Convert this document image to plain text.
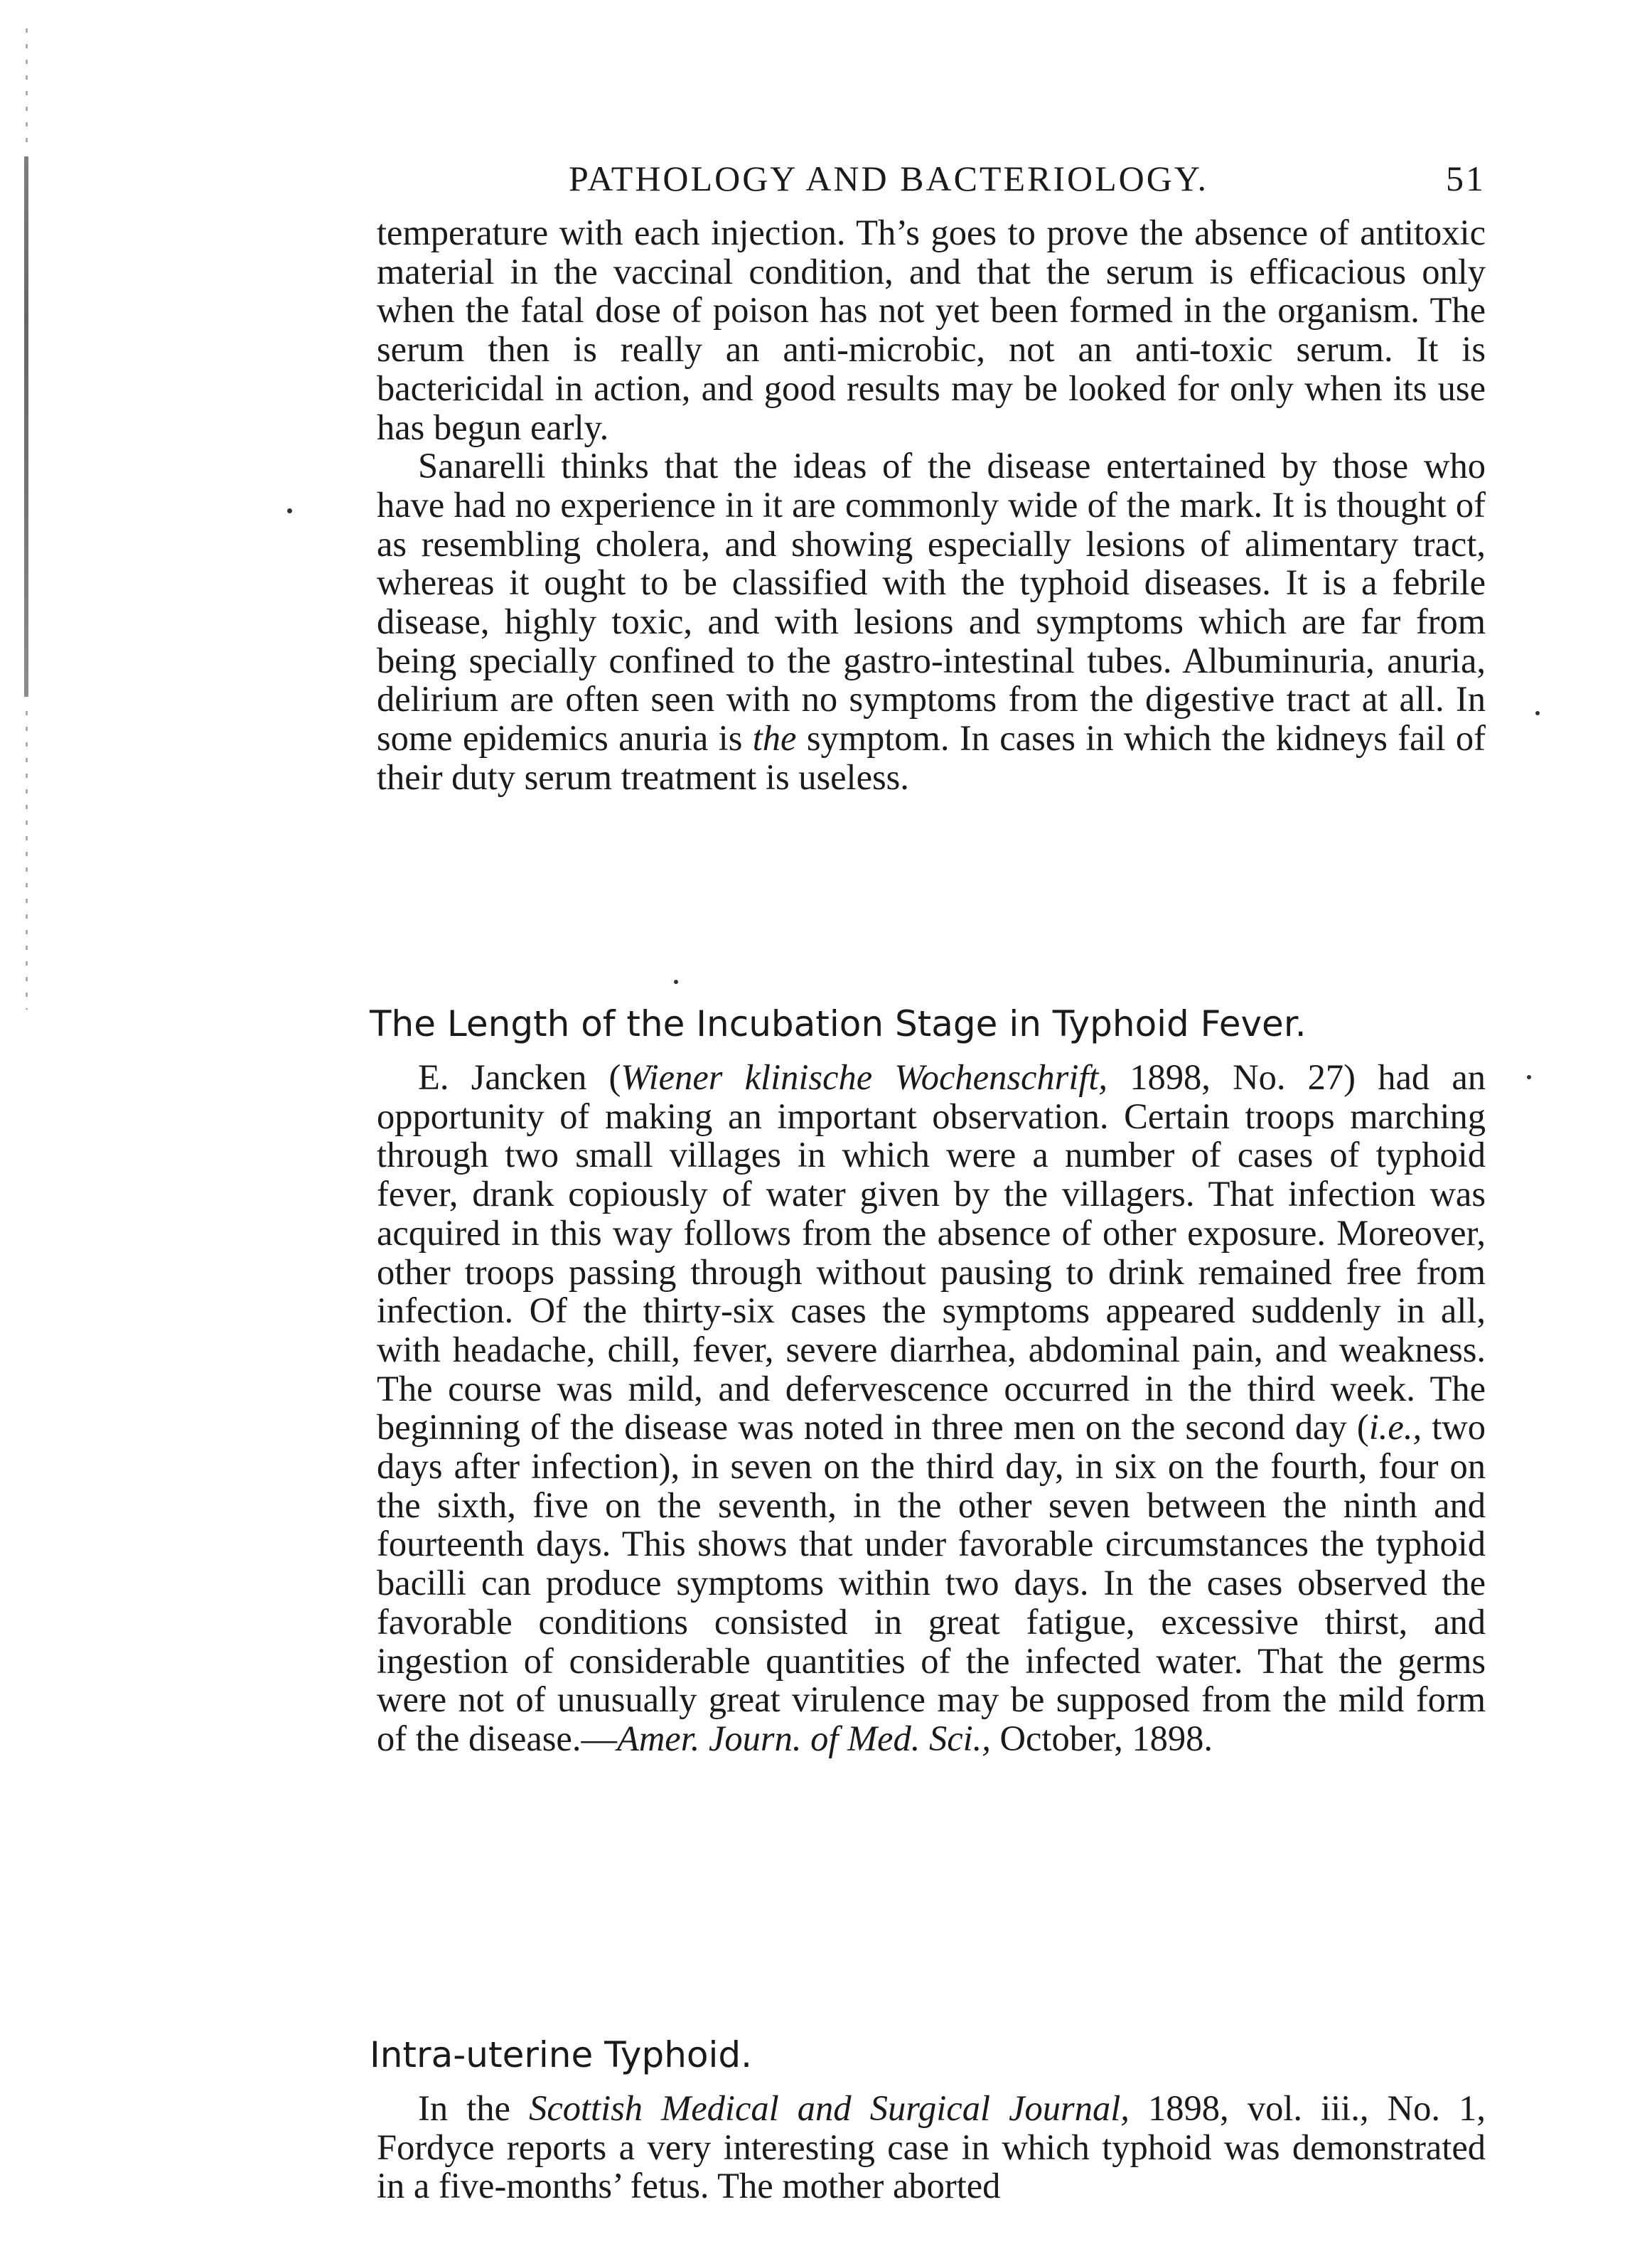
PATHOLOGY AND BACTERIOLOGY.	51

temperature with each injection. Th’s goes to prove the absence of antitoxic material in the vaccinal condition, and that the serum is efficacious only when the fatal dose of poison has not yet been formed in the organism. The serum then is really an anti-microbic, not an anti-toxic serum. It is bactericidal in action, and good results may be looked for only when its use has begun early.

Sanarelli thinks that the ideas of the disease entertained by those who have had no experience in it are commonly wide of the mark. It is thought of as resembling cholera, and showing especially lesions of alimentary tract, whereas it ought to be classified with the typhoid diseases. It is a febrile disease, highly toxic, and with lesions and symptoms which are far from being specially confined to the gastro-intestinal tubes. Albuminuria, anuria, delirium are often seen with no symptoms from the digestive tract at all. In some epidemics anuria is the symptom. In cases in which the kidneys fail of their duty serum treatment is useless.

The Length of the Incubation Stage in Typhoid Fever.

E. Jancken (Wiener klinische Wochenschrift, 1898, No. 27) had an opportunity of making an important observation. Certain troops marching through two small villages in which were a number of cases of typhoid fever, drank copiously of water given by the villagers. That infection was acquired in this way follows from the absence of other exposure. Moreover, other troops passing through without pausing to drink remained free from infection. Of the thirty-six cases the symptoms appeared suddenly in all, with headache, chill, fever, severe diarrhea, abdominal pain, and weakness. The course was mild, and defervescence occurred in the third week. The beginning of the disease was noted in three men on the second day (i.e., two days after infection), in seven on the third day, in six on the fourth, four on the sixth, five on the seventh, in the other seven between the ninth and fourteenth days. This shows that under favorable circumstances the typhoid bacilli can produce symptoms within two days. In the cases observed the favorable conditions consisted in great fatigue, excessive thirst, and ingestion of considerable quantities of the infected water. That the germs were not of unusually great virulence may be supposed from the mild form of the disease.—Amer. Journ. of Med. Sci., October, 1898.

Intra-uterine Typhoid.

In the Scottish Medical and Surgical Journal, 1898, vol. iii., No. 1, Fordyce reports a very interesting case in which typhoid was demonstrated in a five-months’ fetus. The mother aborted
